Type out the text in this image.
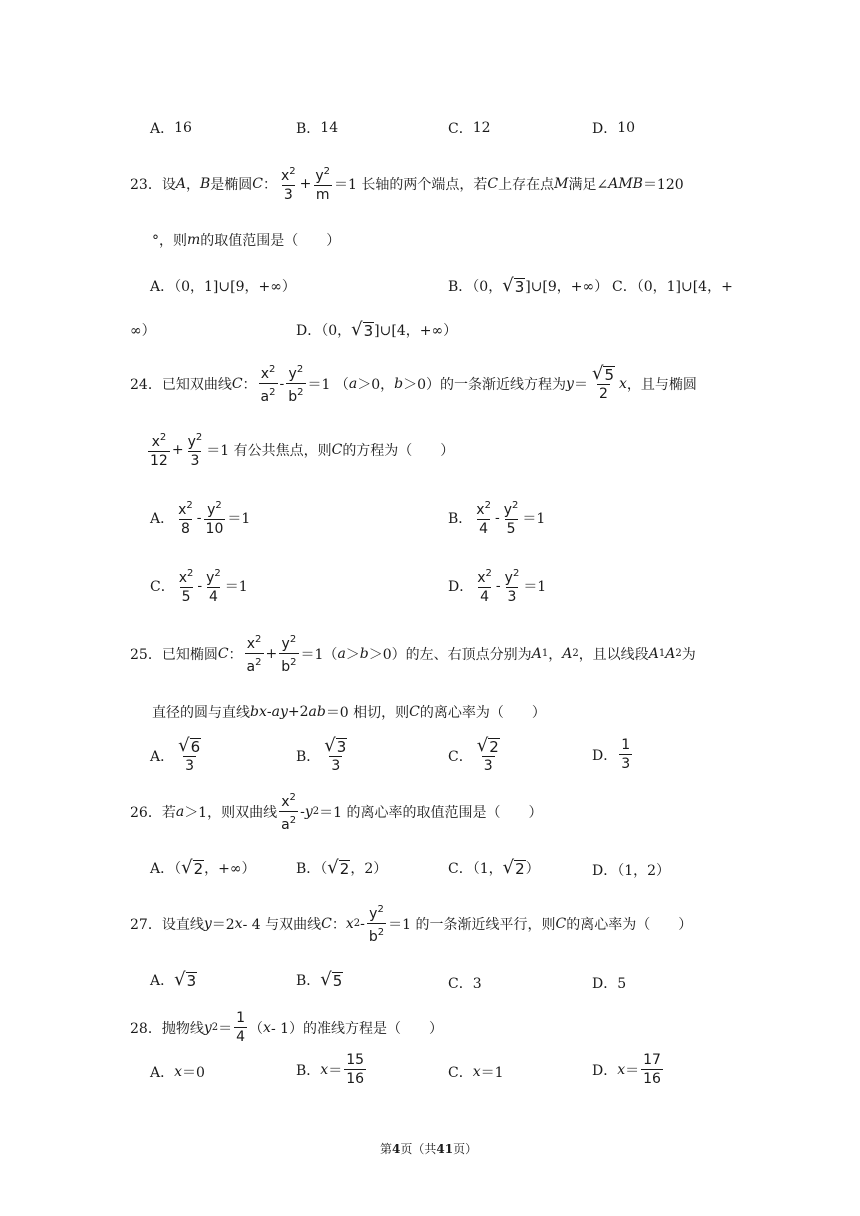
A． 16	B． 14	C． 12	D． 10
23． 设 A ， B 是椭圆 C ： $\frac{x^2}{3} + \frac{y^2}{m} =1$ 长轴的两个端点，若 C 上存在点 M 满足∠ AMB ＝120
°，则 m 的取值范围是（　　）
A．（0，1]∪[9，+∞）	B．（0， √ 3 ]∪[9，+∞） C．（0，1]∪[4，+
∞）	D．（0， √ 3 ]∪[4，+∞）
24． 已知双曲线 C ： $\frac{x^2}{a^2} - \frac{y^2}{b^2} =1$ （ a ＞0， b ＞0）的一条渐近线方程为 $y = \frac{√ 5}{2}$ x ，且与椭圆
$\frac{x^2}{12} + \frac{y^2}{3} =1$ 有公共焦点，则 C 的方程为（　　）
A． $\frac{x^2}{8} - \frac{y^2}{10} =1$	B． $\frac{x^2}{4} - \frac{y^2}{5} =1$
C． $\frac{x^2}{5} - \frac{y^2}{4} =1$	D． $\frac{x^2}{4} - \frac{y^2}{3} =1$
25． 已知椭圆 C ： $\frac{x^2}{a^2} + \frac{y^2}{b^2} =1$（ a ＞ b ＞0）的左、右顶点分别为 A 1 ， A 2 ，且以线段 A 1 A 2 为
直径的圆与直线 bx - ay +2 ab ＝0 相切，则 C 的离心率为（　　）
A． $\frac{√ 6}{3}$	B． $\frac{√ 3}{3}$	C． $\frac{√ 2}{3}$	D． $\frac{1}{3}$
26． 若 a ＞1，则双曲线 $\frac{x^2}{a^2}$ - y 2 ＝1 的离心率的取值范围是（　　）
A．（ √ 2 ，+∞）	B．（ √ 2 ，2）	C．（1， √ 2 ）	D．（1，2）
27． 设直线 y ＝2 x - 4 与双曲线 C ： x $2 - \frac{y^2}{b^2} =1$ 的一条渐近线平行，则 C 的离心率为（　　）
A． √ 3	B． √ 5	C．3	D．5
28． 抛物线 y $2 = \frac{1}{4}$ （ x - 1）的准线方程是（　　）
A． x ＝0	B． $x = \frac{15}{16}$	C． x ＝1	D． $x = \frac{17}{16}$
第4页（共41页）
